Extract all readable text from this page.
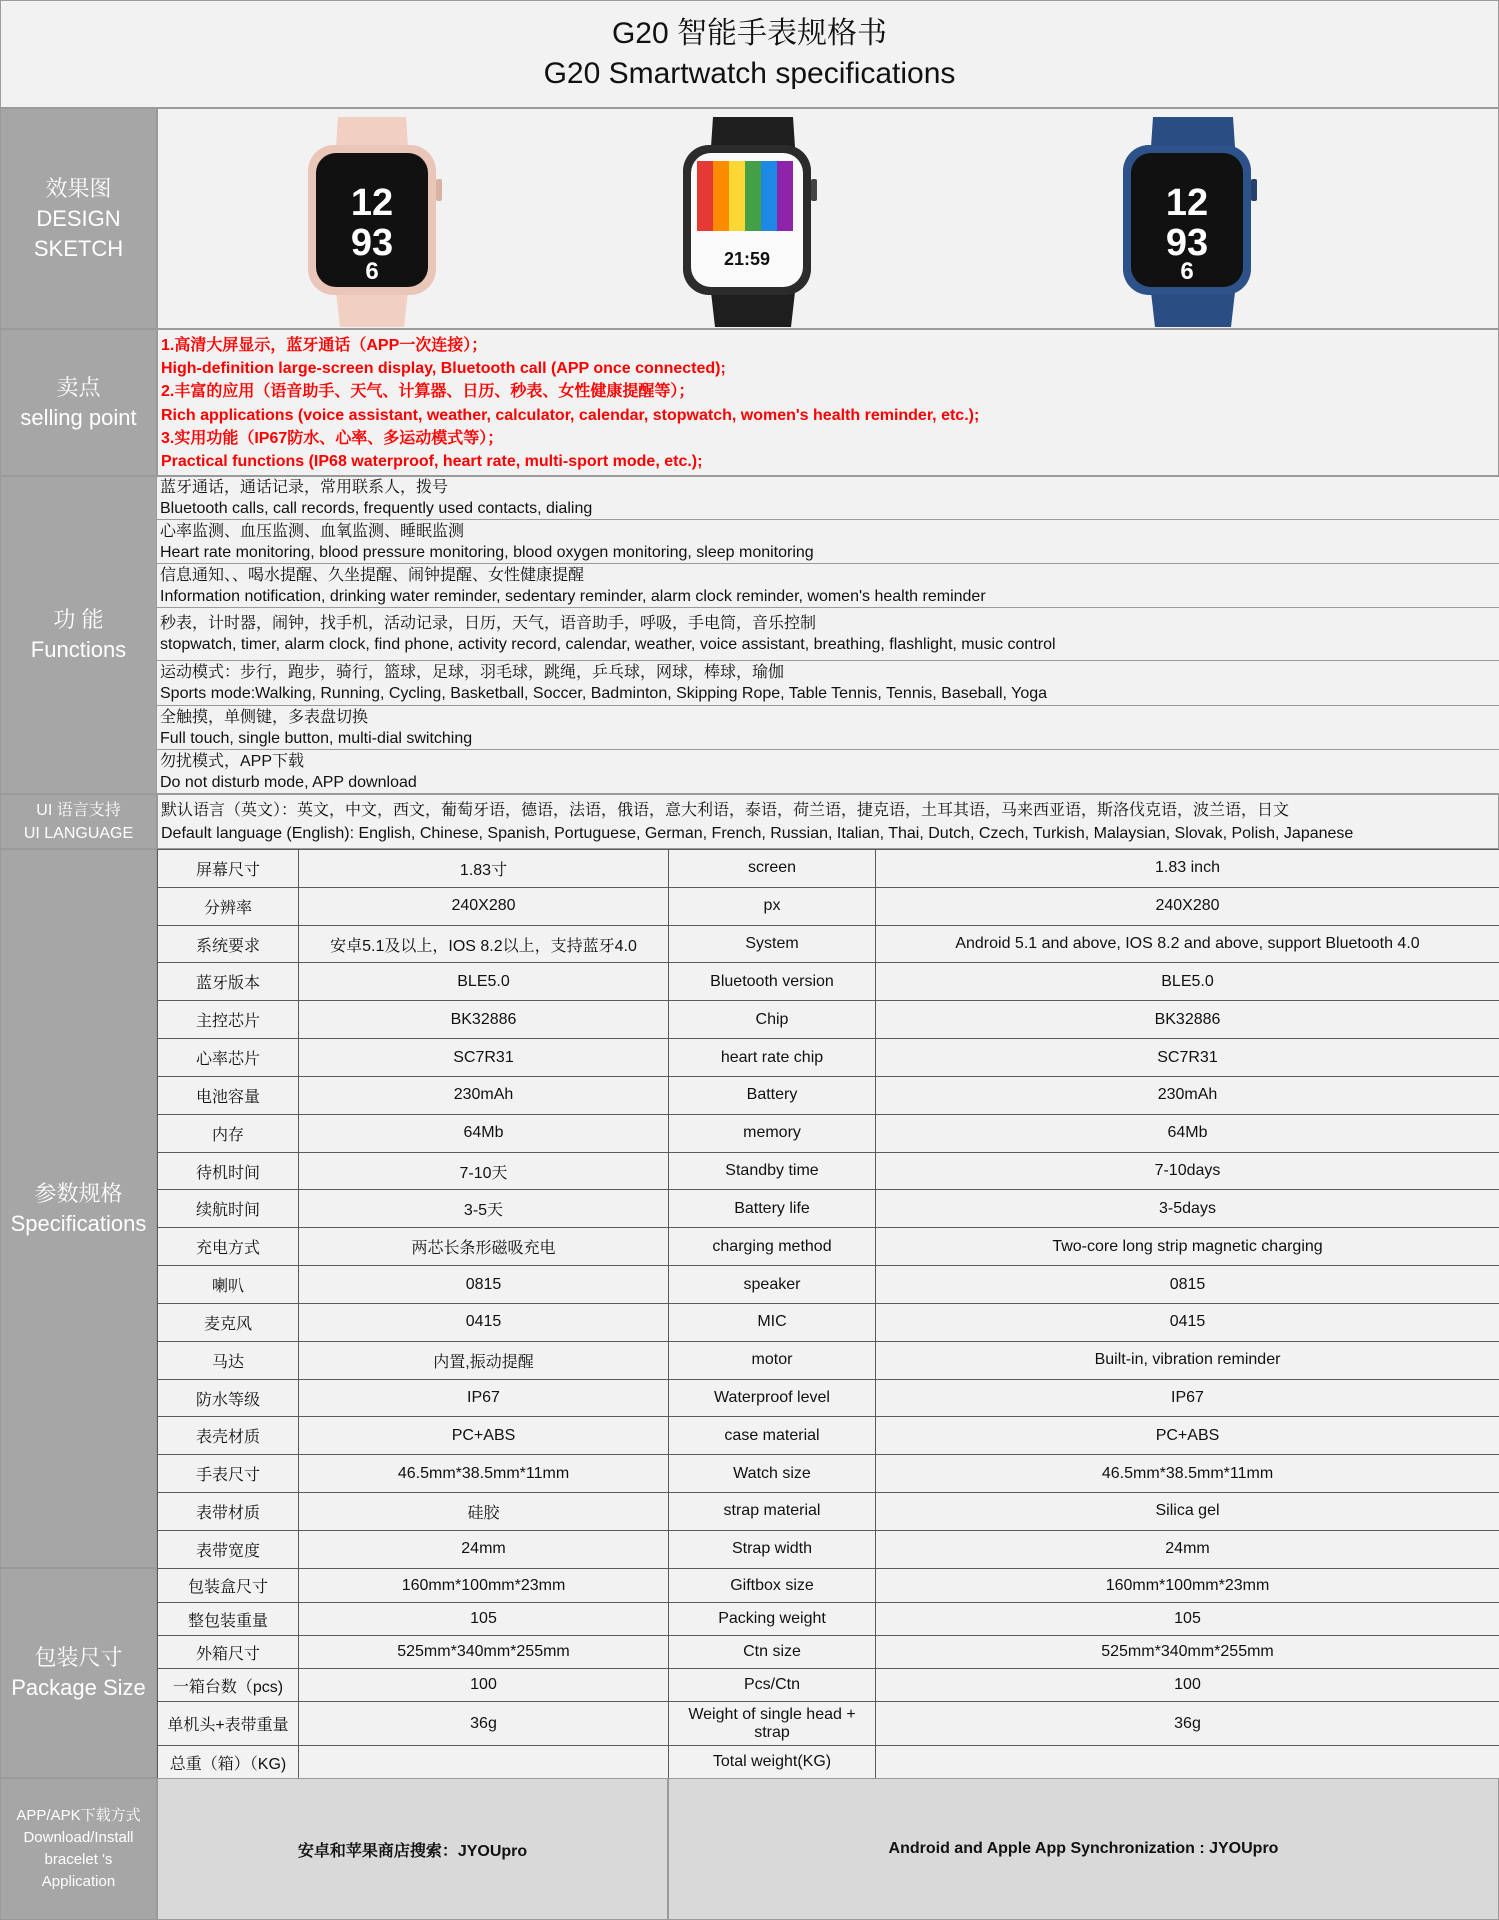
G20 智能手表规格书
G20 Smartwatch specifications
效果图
DESIGN
SKETCH
12
93
6	21:59
12
93
6
卖点
selling point
1.高清大屏显示，蓝牙通话（APP一次连接）；
High-definition large-screen display, Bluetooth call (APP once connected);
2.丰富的应用（语音助手、天气、计算器、日历、秒表、女性健康提醒等）；
Rich applications (voice assistant, weather, calculator, calendar, stopwatch, women's health reminder, etc.);
3.实用功能（IP67防水、心率、多运动模式等）；
Practical functions (IP68 waterproof, heart rate, multi-sport mode, etc.);
功 能
Functions
蓝牙通话，通话记录，常用联系人，拨号
Bluetooth calls, call records, frequently used contacts, dialing
心率监测、血压监测、血氧监测、睡眠监测
Heart rate monitoring, blood pressure monitoring, blood oxygen monitoring, sleep monitoring
信息通知、、喝水提醒、久坐提醒、闹钟提醒、女性健康提醒
Information notification, drinking water reminder, sedentary reminder, alarm clock reminder, women's health reminder
秒表，计时器，闹钟，找手机，活动记录，日历，天气，语音助手，呼吸，手电筒，音乐控制
stopwatch, timer, alarm clock, find phone, activity record, calendar, weather, voice assistant, breathing, flashlight, music control
运动模式：步行，跑步，骑行，篮球，足球，羽毛球，跳绳，乒乓球，网球，棒球，瑜伽
Sports mode:Walking, Running, Cycling, Basketball, Soccer, Badminton, Skipping Rope, Table Tennis, Tennis, Baseball, Yoga
全触摸，单侧键，多表盘切换
Full touch, single button, multi-dial switching
勿扰模式，APP下载
Do not disturb mode, APP download
UI 语言支持
UI LANGUAGE
默认语言（英文）：英文，中文，西文，葡萄牙语，德语，法语，俄语，意大利语，泰语，荷兰语，捷克语，土耳其语，马来西亚语，斯洛伐克语，波兰语，日文
Default language (English): English, Chinese, Spanish, Portuguese, German, French, Russian, Italian, Thai, Dutch, Czech, Turkish, Malaysian, Slovak, Polish, Japanese
参数规格
Specifications
屏幕尺寸	1.83寸	screen	1.83 inch
分辨率	240X280	px	240X280
系统要求	安卓5.1及以上，IOS 8.2以上，支持蓝牙4.0	System	Android 5.1 and above, IOS 8.2 and above, support Bluetooth 4.0
蓝牙版本	BLE5.0	Bluetooth version	BLE5.0
主控芯片	BK32886	Chip	BK32886
心率芯片	SC7R31	heart rate chip	SC7R31
电池容量	230mAh	Battery	230mAh
内存	64Mb	memory	64Mb
待机时间	7-10天	Standby time	7-10days
续航时间	3-5天	Battery life	3-5days
充电方式	两芯长条形磁吸充电	charging method	Two-core long strip magnetic charging
喇叭	0815	speaker	0815
麦克风	0415	MIC	0415
马达	内置,振动提醒	motor	Built-in, vibration reminder
防水等级	IP67	Waterproof level	IP67
表壳材质	PC+ABS	case material	PC+ABS
手表尺寸	46.5mm*38.5mm*11mm	Watch size	46.5mm*38.5mm*11mm
表带材质	硅胶	strap material	Silica gel
表带宽度	24mm	Strap width	24mm
包装尺寸
Package Size
包装盒尺寸	160mm*100mm*23mm	Giftbox size	160mm*100mm*23mm
整包装重量	105	Packing weight	105
外箱尺寸	525mm*340mm*255mm	Ctn size	525mm*340mm*255mm
一箱台数（pcs)	100	Pcs/Ctn	100
单机头+表带重量	36g	Weight of single head + strap	36g
总重（箱）（KG)		Total weight(KG)	
APP/APK下载方式
Download/Install
bracelet 's
Application
安卓和苹果商店搜索：JYOUpro	Android and Apple App Synchronization : JYOUpro
